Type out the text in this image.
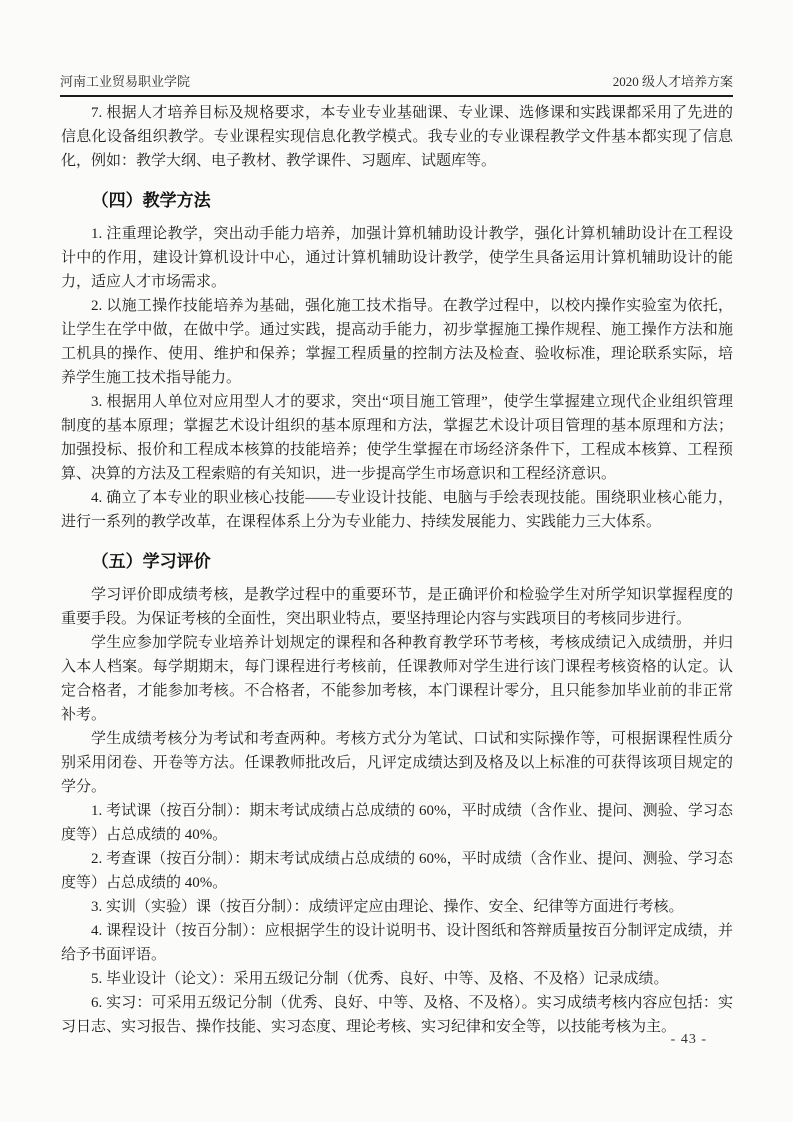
河南工业贸易职业学院	2020 级人才培养方案

7. 根据人才培养目标及规格要求，本专业专业基础课、专业课、选修课和实践课都采用了先进的信息化设备组织教学。专业课程实现信息化教学模式。我专业的专业课程教学文件基本都实现了信息化，例如：教学大纲、电子教材、教学课件、习题库、试题库等。

（四）教学方法

1. 注重理论教学，突出动手能力培养，加强计算机辅助设计教学，强化计算机辅助设计在工程设计中的作用，建设计算机设计中心，通过计算机辅助设计教学，使学生具备运用计算机辅助设计的能力，适应人才市场需求。

2. 以施工操作技能培养为基础，强化施工技术指导。在教学过程中，以校内操作实验室为依托，让学生在学中做，在做中学。通过实践，提高动手能力，初步掌握施工操作规程、施工操作方法和施工机具的操作、使用、维护和保养；掌握工程质量的控制方法及检查、验收标准，理论联系实际，培养学生施工技术指导能力。

3. 根据用人单位对应用型人才的要求，突出“项目施工管理”，使学生掌握建立现代企业组织管理制度的基本原理；掌握艺术设计组织的基本原理和方法，掌握艺术设计项目管理的基本原理和方法；加强投标、报价和工程成本核算的技能培养；使学生掌握在市场经济条件下，工程成本核算、工程预算、决算的方法及工程索赔的有关知识，进一步提高学生市场意识和工程经济意识。

4. 确立了本专业的职业核心技能——专业设计技能、电脑与手绘表现技能。围绕职业核心能力，进行一系列的教学改革，在课程体系上分为专业能力、持续发展能力、实践能力三大体系。

（五）学习评价

学习评价即成绩考核，是教学过程中的重要环节，是正确评价和检验学生对所学知识掌握程度的重要手段。为保证考核的全面性，突出职业特点，要坚持理论内容与实践项目的考核同步进行。

学生应参加学院专业培养计划规定的课程和各种教育教学环节考核，考核成绩记入成绩册，并归入本人档案。每学期期末，每门课程进行考核前，任课教师对学生进行该门课程考核资格的认定。认定合格者，才能参加考核。不合格者，不能参加考核，本门课程计零分，且只能参加毕业前的非正常补考。

学生成绩考核分为考试和考查两种。考核方式分为笔试、口试和实际操作等，可根据课程性质分别采用闭卷、开卷等方法。任课教师批改后，凡评定成绩达到及格及以上标准的可获得该项目规定的学分。

1. 考试课（按百分制）：期末考试成绩占总成绩的 60%，平时成绩（含作业、提问、测验、学习态度等）占总成绩的 40%。

2. 考查课（按百分制）：期末考试成绩占总成绩的 60%，平时成绩（含作业、提问、测验、学习态度等）占总成绩的 40%。

3. 实训（实验）课（按百分制）：成绩评定应由理论、操作、安全、纪律等方面进行考核。

4. 课程设计（按百分制）：应根据学生的设计说明书、设计图纸和答辩质量按百分制评定成绩，并给予书面评语。

5. 毕业设计（论文）：采用五级记分制（优秀、良好、中等、及格、不及格）记录成绩。

6. 实习：可采用五级记分制（优秀、良好、中等、及格、不及格）。实习成绩考核内容应包括：实习日志、实习报告、操作技能、实习态度、理论考核、实习纪律和安全等，以技能考核为主。

- 43 -
